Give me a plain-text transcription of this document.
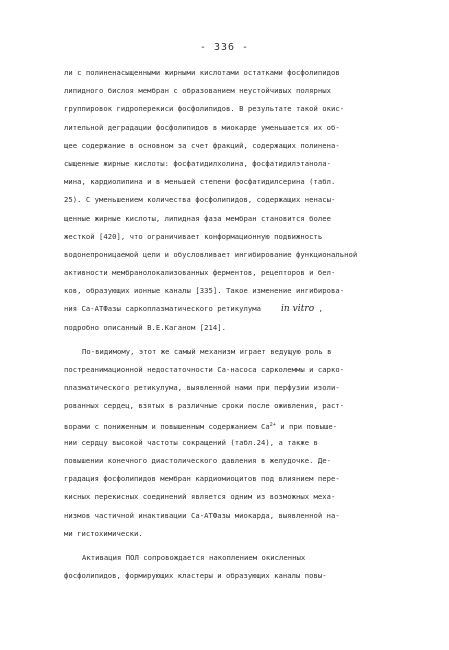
- 336 -
ли с полиненасыщенными жирными кислотами остатками фосфолипидов
липидного бислоя мембран с образованием неустойчивых полярных
группировок гидроперекиси фосфолипидов. В результате такой окис-
лительной деградации фосфолипидов в миокарде уменьшается их об-
щее содержание в основном за счет фракций, содержащих полинена-
сыщенные жирные кислоты: фосфатидилхолина, фосфатидилэтанола-
мина, кардиолипина и в меньшей степени фосфатидилсерина (табл.
25). С уменьшением количества фосфолипидов, содержащих ненасы-
щенные жирные кислоты, липидная фаза мембран становится более
жесткой [420], что ограничивает конформационную подвижность
водонепроницаемой цепи и обусловливает ингибирование функциональной
активности мембранолокализованных ферментов, рецепторов и бел-
ков, образующих ионные каналы [335]. Такое изменение ингибирова-
ния Ca-АТФазы саркоплазматического ретикулума in vitro ,
подробно описанный В.Е.Каганом [214].
По-видимому, этот же самый механизм играет ведущую роль в
постреанимационной недостаточности Ca-насоса сарколеммы и сарко-
плазматического ретикулума, выявленной нами при перфузии изоли-
рованных сердец, взятых в различные сроки после оживления, раст-
ворами с пониженным и повышенным содержанием $Ca^{2+}$ и при повыше-
нии сердцу высокой частоты сокращений (табл.24), а также в
повышении конечного диастолического давления в желудочке. Де-
градация фосфолипидов мембран кардиомиоцитов под влиянием пере-
кисных перекисных соединений является одним из возможных меха-
низмов частичной инактивации Ca-АТФазы миокарда, выявленной на-
ми гистохимически.
Активация ПОЛ сопровождается накоплением окисленных
фосфолипидов, формирующих кластеры и образующих каналы повы-
